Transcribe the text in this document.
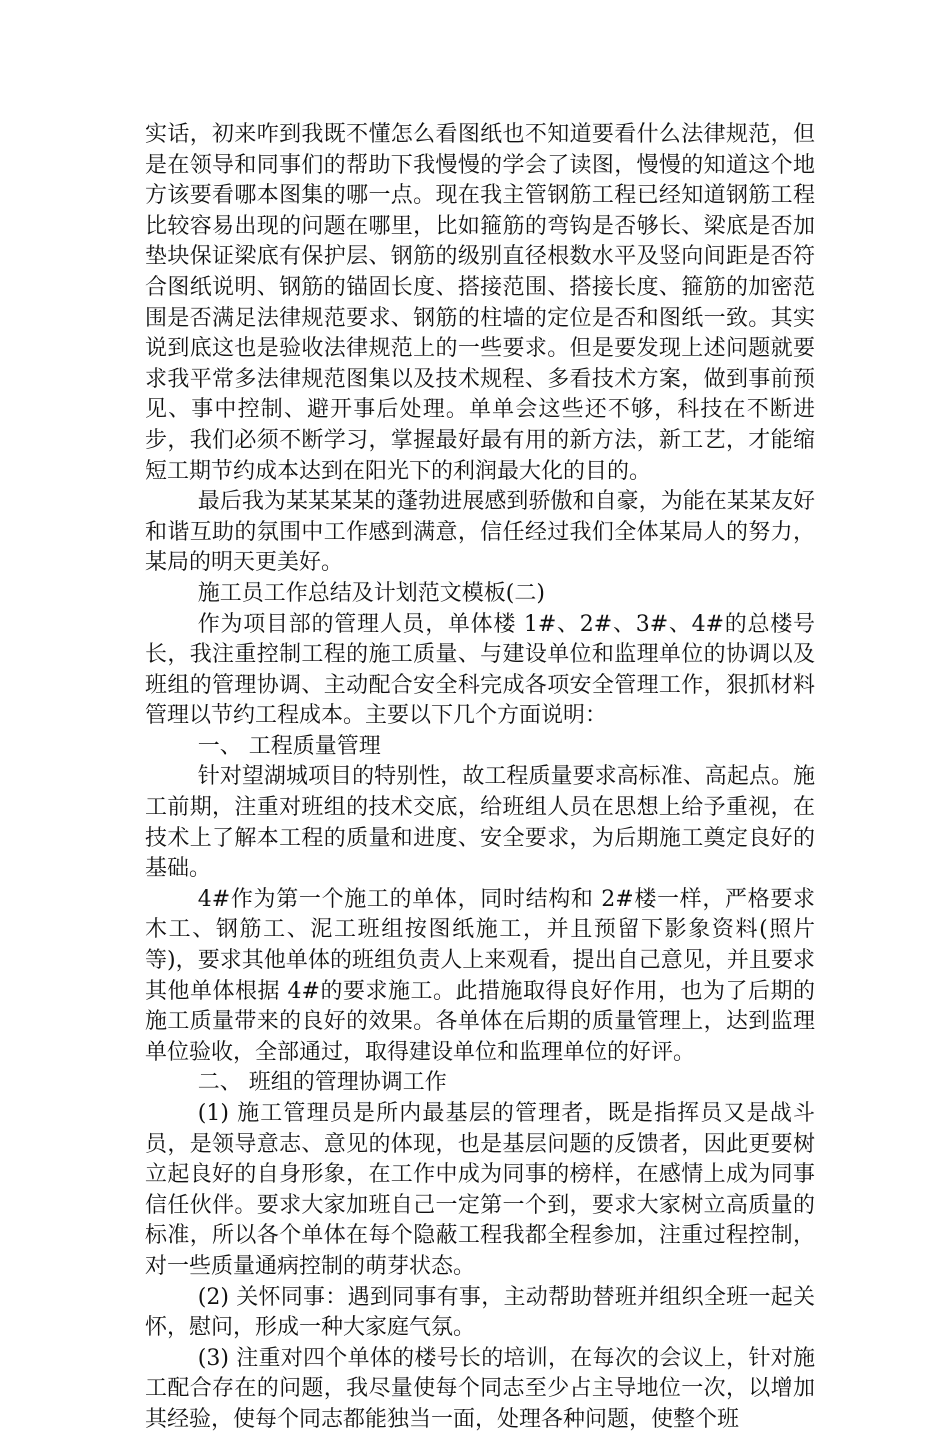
实话，初来咋到我既不懂怎么看图纸也不知道要看什么法律规范，但是在领导和同事们的帮助下我慢慢的学会了读图，慢慢的知道这个地方该要看哪本图集的哪一点。现在我主管钢筋工程已经知道钢筋工程比较容易出现的问题在哪里，比如箍筋的弯钩是否够长、梁底是否加垫块保证梁底有保护层、钢筋的级别直径根数水平及竖向间距是否符合图纸说明、钢筋的锚固长度、搭接范围、搭接长度、箍筋的加密范围是否满足法律规范要求、钢筋的柱墙的定位是否和图纸一致。其实说到底这也是验收法律规范上的一些要求。但是要发现上述问题就要求我平常多法律规范图集以及技术规程、多看技术方案，做到事前预见、事中控制、避开事后处理。单单会这些还不够，科技在不断进步，我们必须不断学习，掌握最好最有用的新方法，新工艺，才能缩短工期节约成本达到在阳光下的利润最大化的目的。

最后我为某某某某的蓬勃进展感到骄傲和自豪，为能在某某友好和谐互助的氛围中工作感到满意，信任经过我们全体某局人的努力，某局的明天更美好。

施工员工作总结及计划范文模板(二)

作为项目部的管理人员，单体楼 1#、2#、3#、4#的总楼号长，我注重控制工程的施工质量、与建设单位和监理单位的协调以及班组的管理协调、主动配合安全科完成各项安全管理工作，狠抓材料管理以节约工程成本。主要以下几个方面说明：

一、 工程质量管理

针对望湖城项目的特别性，故工程质量要求高标准、高起点。施工前期，注重对班组的技术交底，给班组人员在思想上给予重视，在技术上了解本工程的质量和进度、安全要求，为后期施工奠定良好的基础。

4#作为第一个施工的单体，同时结构和 2#楼一样，严格要求木工、钢筋工、泥工班组按图纸施工，并且预留下影象资料(照片等)，要求其他单体的班组负责人上来观看，提出自己意见，并且要求其他单体根据 4#的要求施工。此措施取得良好作用，也为了后期的施工质量带来的良好的效果。各单体在后期的质量管理上，达到监理单位验收，全部通过，取得建设单位和监理单位的好评。

二、 班组的管理协调工作

(1) 施工管理员是所内最基层的管理者，既是指挥员又是战斗员，是领导意志、意见的体现，也是基层问题的反馈者，因此更要树立起良好的自身形象，在工作中成为同事的榜样，在感情上成为同事信任伙伴。要求大家加班自己一定第一个到，要求大家树立高质量的标准，所以各个单体在每个隐蔽工程我都全程参加，注重过程控制，对一些质量通病控制的萌芽状态。

(2) 关怀同事：遇到同事有事，主动帮助替班并组织全班一起关怀，慰问，形成一种大家庭气氛。

(3) 注重对四个单体的楼号长的培训，在每次的会议上，针对施工配合存在的问题，我尽量使每个同志至少占主导地位一次，以增加其经验，使每个同志都能独当一面，处理各种问题，使整个班
